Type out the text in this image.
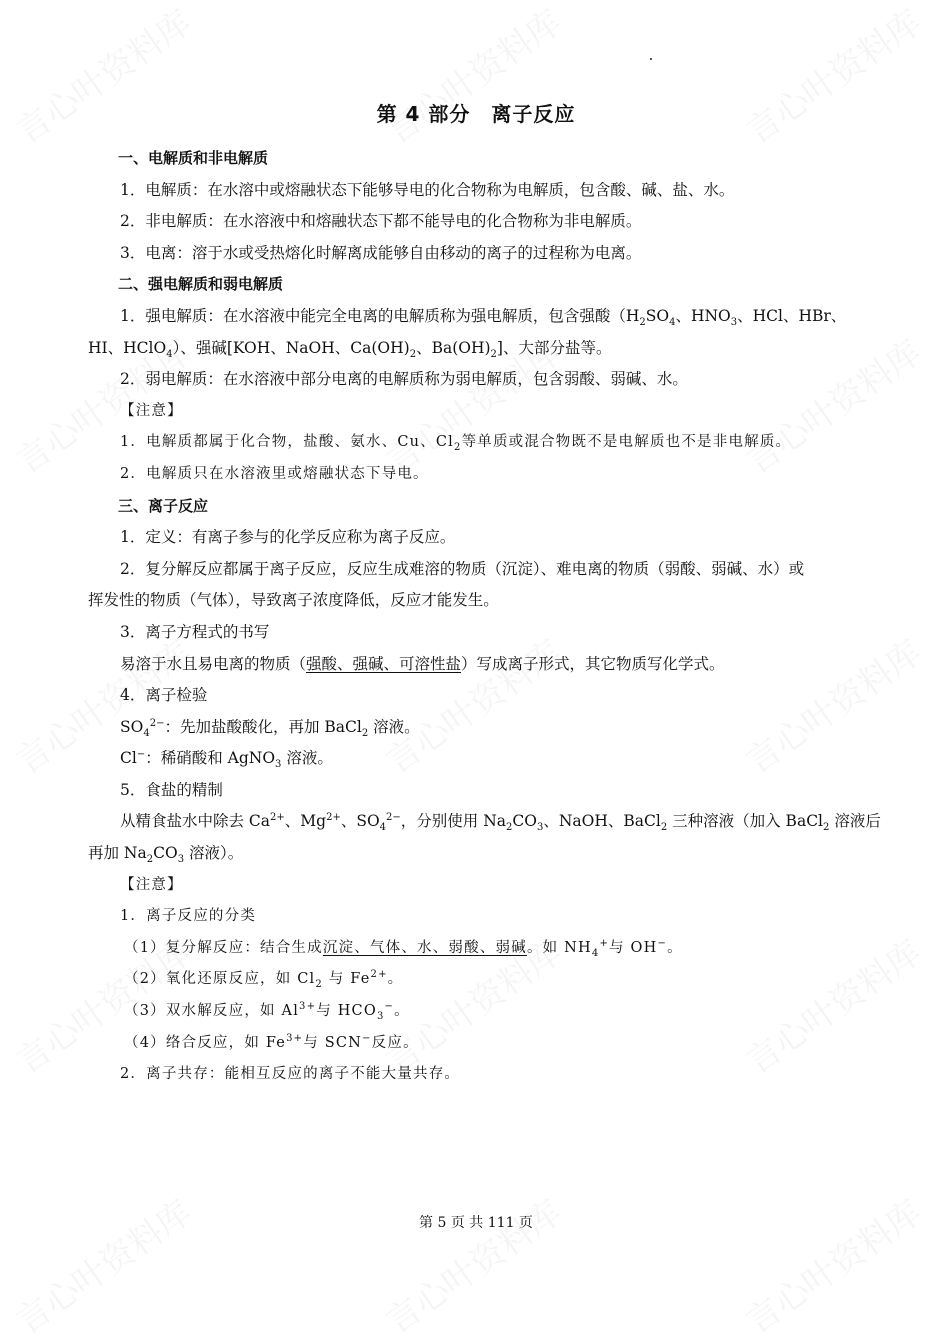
第 4 部分　离子反应
一、电解质和非电解质
1．电解质：在水溶中或熔融状态下能够导电的化合物称为电解质，包含酸、碱、盐、水。
2．非电解质：在水溶液中和熔融状态下都不能导电的化合物称为非电解质。
3．电离：溶于水或受热熔化时解离成能够自由移动的离子的过程称为电离。
二、强电解质和弱电解质
1．强电解质：在水溶液中能完全电离的电解质称为强电解质，包含强酸（$H_2SO_4$、$HNO_3$、HCl、HBr、
HI、HClO$_4$）、强碱[KOH、NaOH、$Ca(OH)_2$、$Ba(OH)_2$]、大部分盐等。
2．弱电解质：在水溶液中部分电离的电解质称为弱电解质，包含弱酸、弱碱、水。
【注意】
1．电解质都属于化合物，盐酸、氨水、Cu、$Cl_2$等单质或混合物既不是电解质也不是非电解质。
2．电解质只在水溶液里或熔融状态下导电。
三、离子反应
1．定义：有离子参与的化学反应称为离子反应。
2．复分解反应都属于离子反应，反应生成难溶的物质（沉淀）、难电离的物质（弱酸、弱碱、水）或
挥发性的物质（气体），导致离子浓度降低，反应才能发生。
3．离子方程式的书写
易溶于水且易电离的物质（强酸、强碱、可溶性盐）写成离子形式，其它物质写化学式。
4．离子检验
$SO_4^{2-}$：先加盐酸酸化，再加 BaCl$_2$ 溶液。
Cl−：稀硝酸和 AgNO$_3$ 溶液。
5．食盐的精制
从精食盐水中除去 $Ca^{2+}$、$Mg^{2+}$、$SO_4^{2-}$，分别使用 $Na_2CO_3$、NaOH、BaCl$_2$ 三种溶液（加入 BaCl$_2$ 溶液后
再加 $Na_2CO_3$ 溶液）。
【注意】
1．离子反应的分类
（1）复分解反应：结合生成沉淀、气体、水、弱酸、弱碱。如 $NH_4^+$与 OH−。
（2）氧化还原反应，如 $Cl_2$ 与 $Fe^{2+}$。
（3）双水解反应，如 $Al^{3+}$与 $HCO_3^-$。
（4）络合反应，如 $Fe^{3+}$与 SCN−反应。
2．离子共存：能相互反应的离子不能大量共存。
第 5 页 共 111 页
